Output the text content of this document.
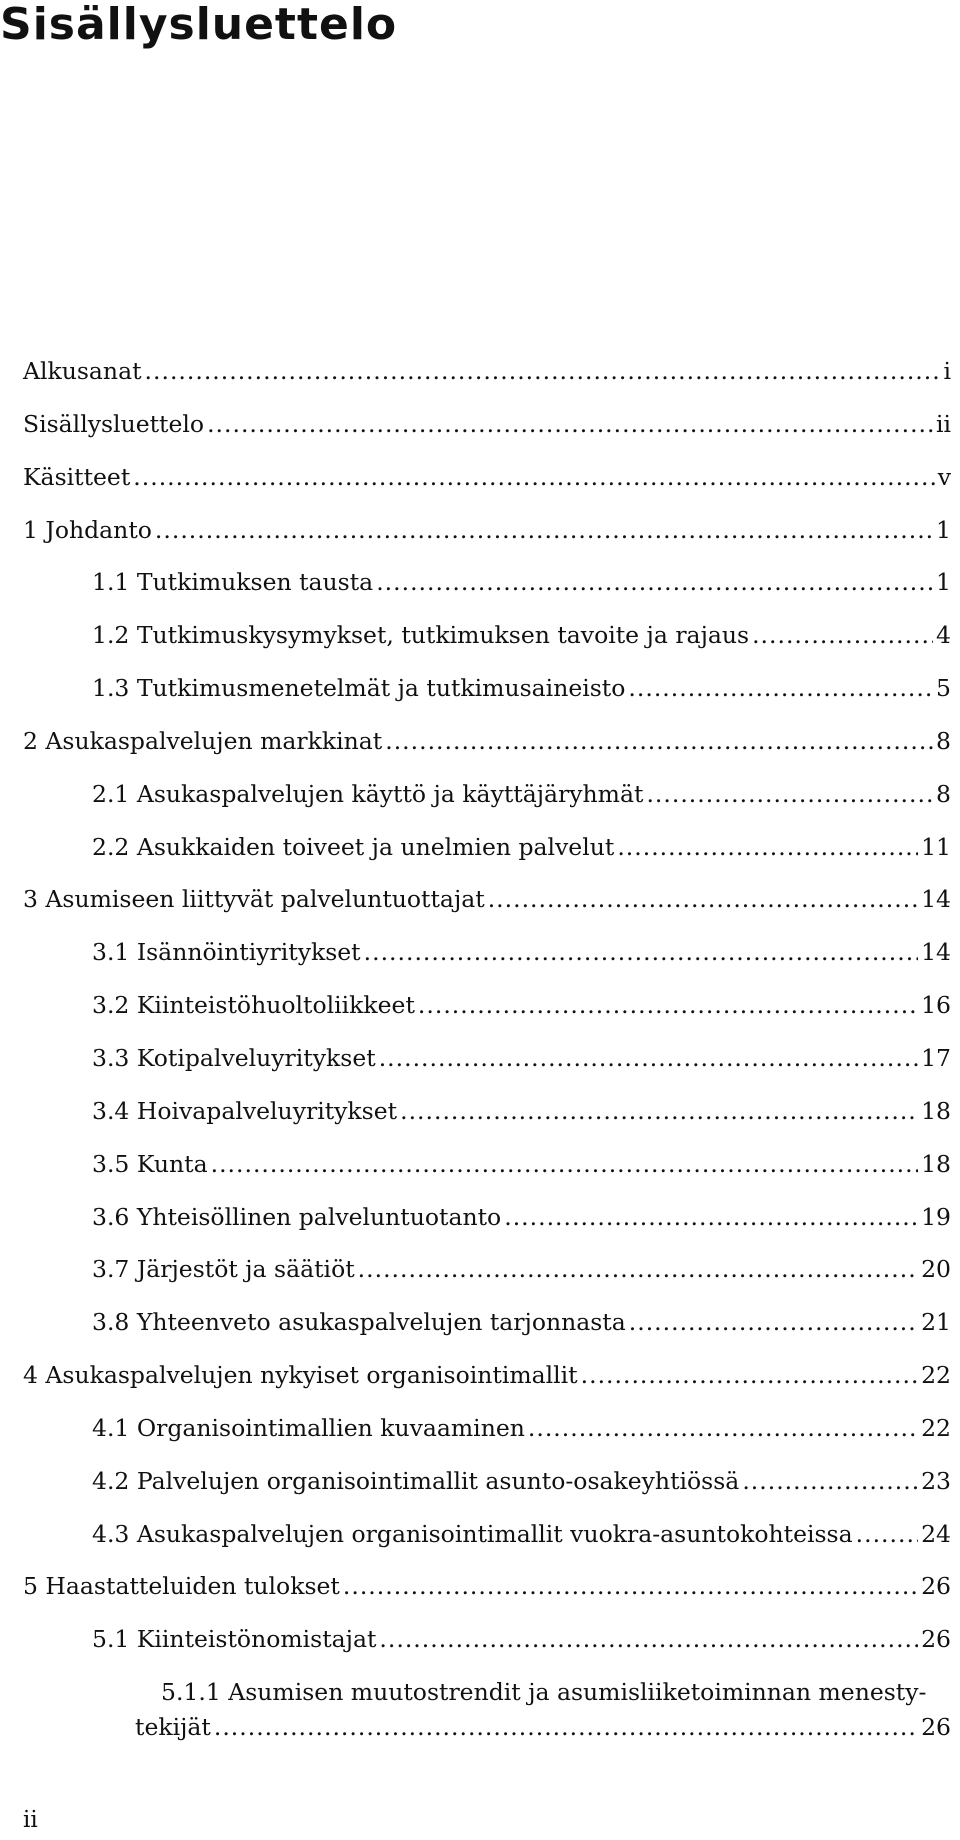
Sisällysluettelo
Alkusanat .....	i
Sisällysluettelo .....	ii
Käsitteet .....	v
1 Johdanto .....	1
1.1 Tutkimuksen tausta .....	1
1.2 Tutkimuskysymykset, tutkimuksen tavoite ja rajaus .....	4
1.3 Tutkimusmenetelmät ja tutkimusaineisto .....	5
2 Asukaspalvelujen markkinat .....	8
2.1 Asukaspalvelujen käyttö ja käyttäjäryhmät .....	8
2.2 Asukkaiden toiveet ja unelmien palvelut .....	11
3 Asumiseen liittyvät palveluntuottajat .....	14
3.1 Isännöintiyritykset .....	14
3.2 Kiinteistöhuoltoliikkeet .....	16
3.3 Kotipalveluyritykset .....	17
3.4 Hoivapalveluyritykset .....	18
3.5 Kunta .....	18
3.6 Yhteisöllinen palveluntuotanto .....	19
3.7 Järjestöt ja säätiöt .....	20
3.8 Yhteenveto asukaspalvelujen tarjonnasta .....	21
4 Asukaspalvelujen nykyiset organisointimallit .....	22
4.1 Organisointimallien kuvaaminen .....	22
4.2 Palvelujen organisointimallit asunto-osakeyhtiössä .....	23
4.3 Asukaspalvelujen organisointimallit vuokra-asuntokohteissa .....	24
5 Haastatteluiden tulokset .....	26
5.1 Kiinteistönomistajat .....	26
5.1.1 Asumisen muutostrendit ja asumisliiketoiminnan menesty-
tekijät .....	26
ii
